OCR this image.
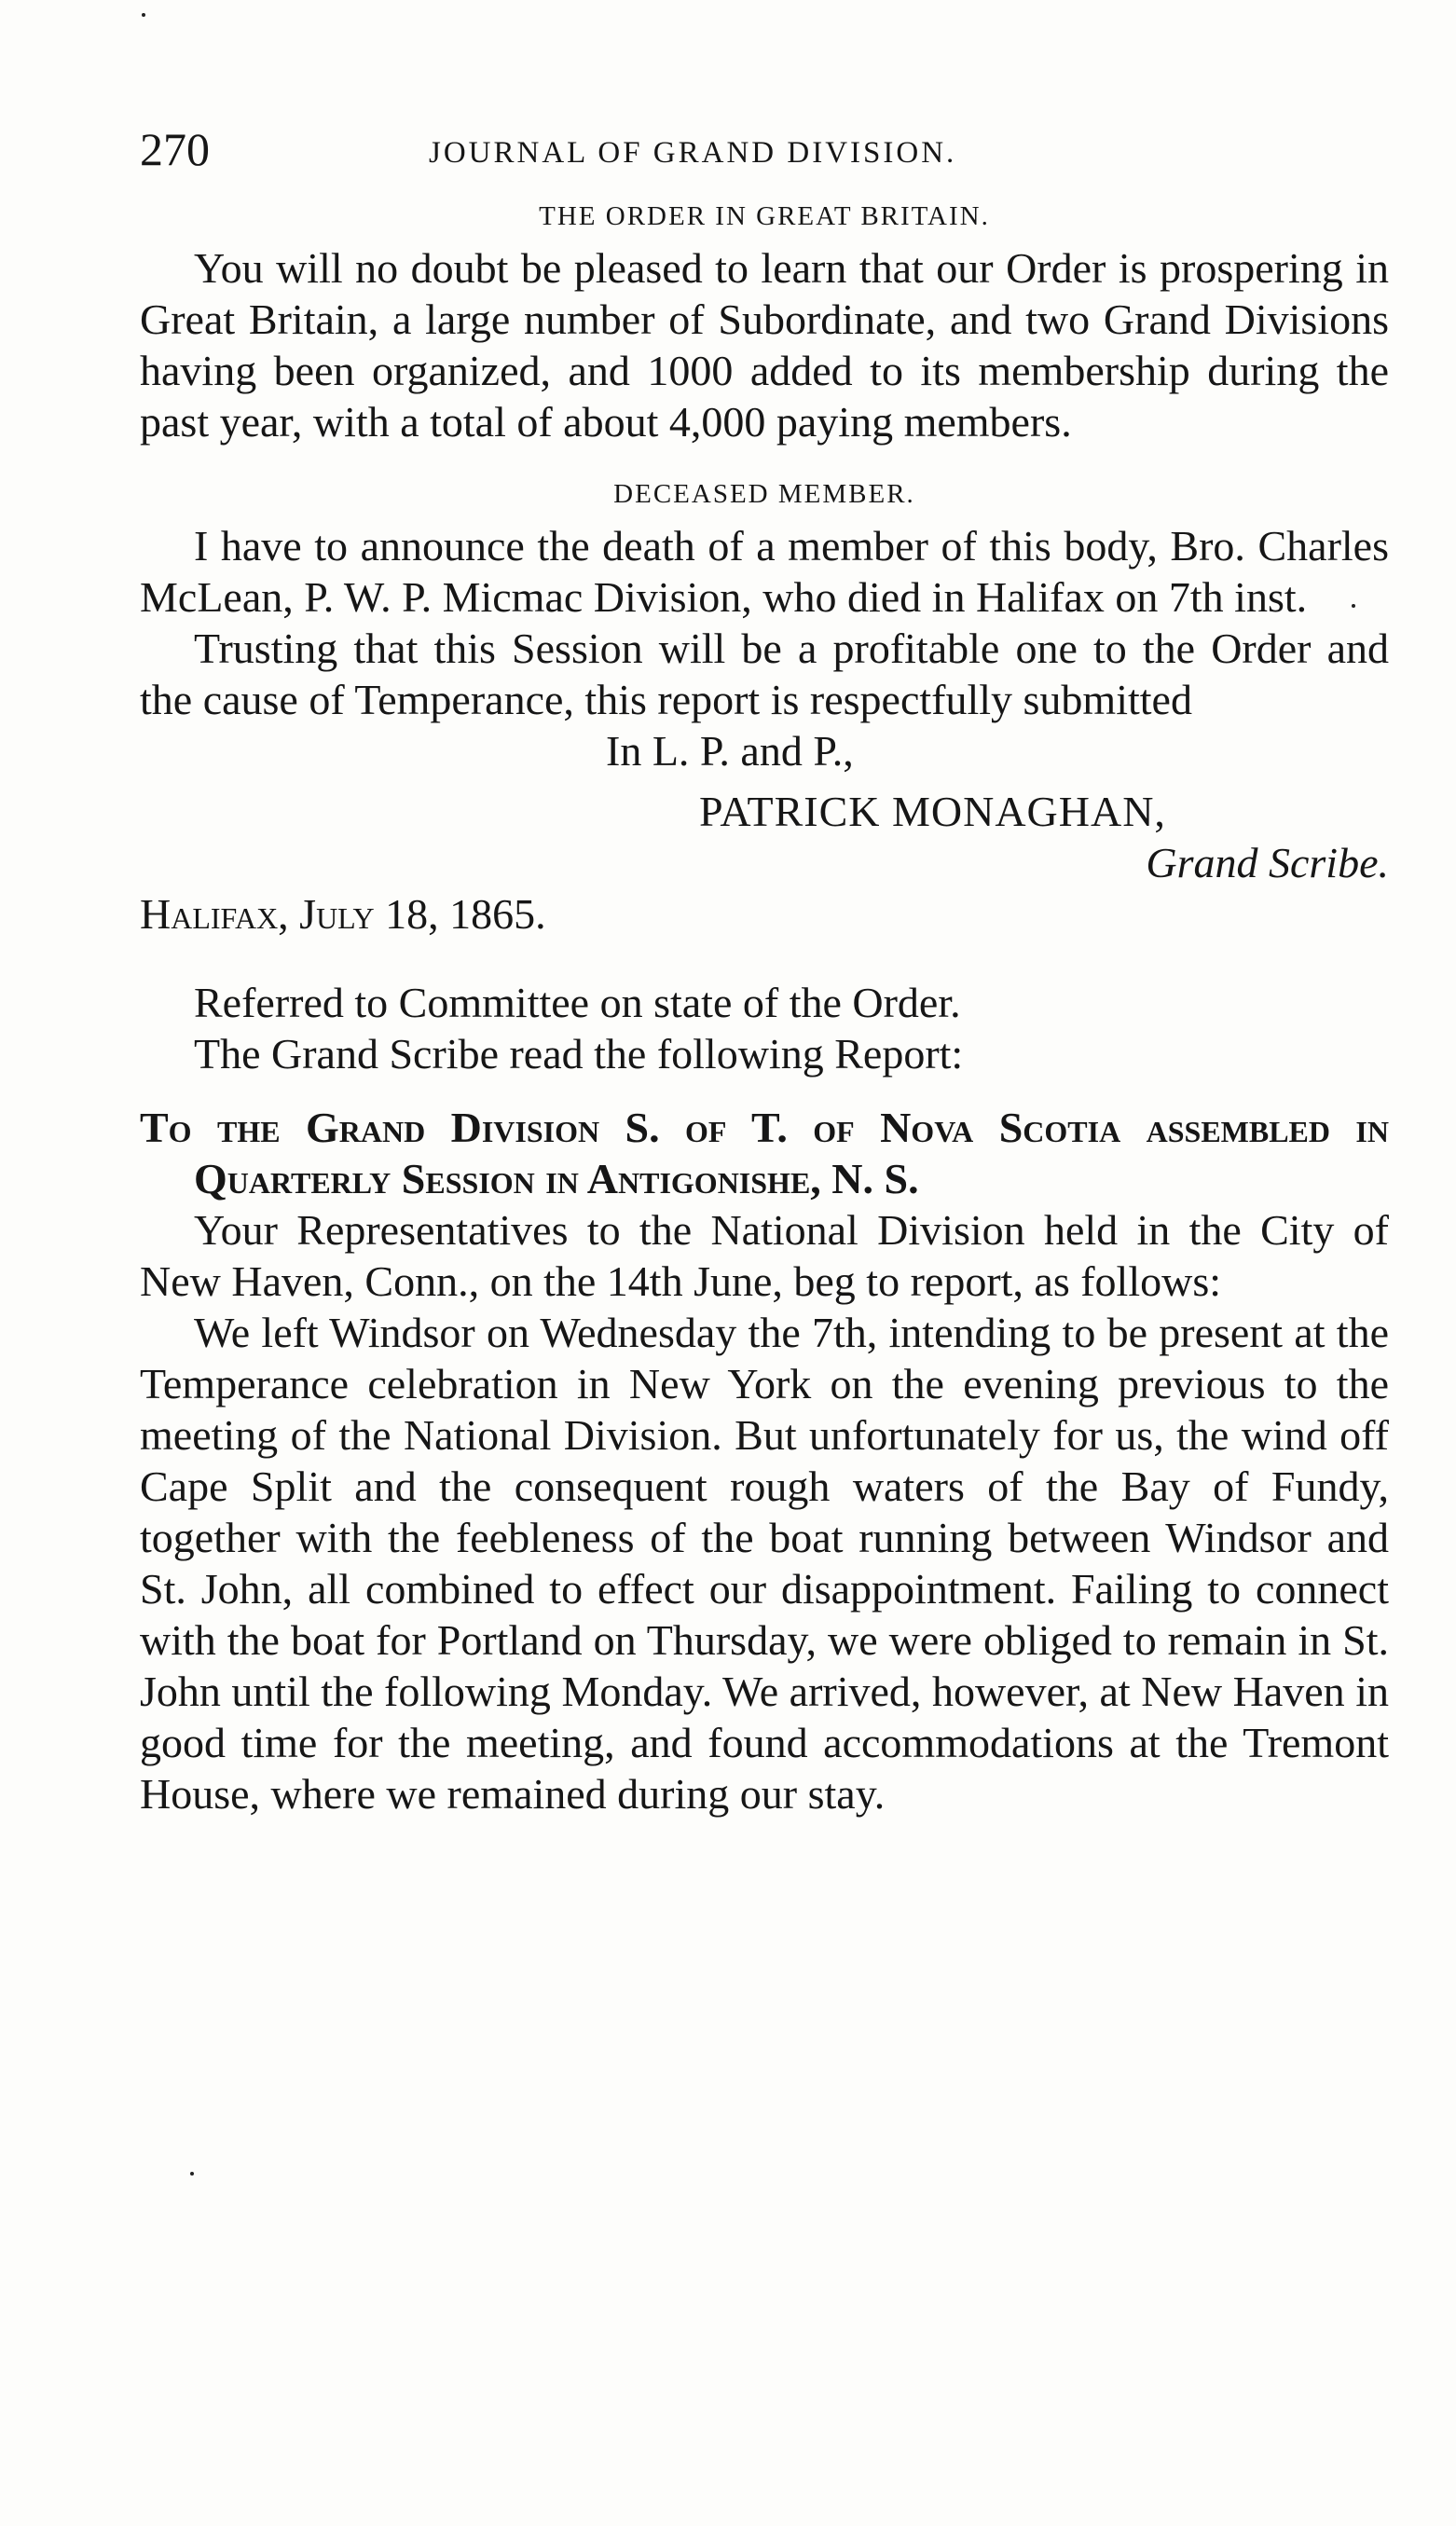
270	JOURNAL OF GRAND DIVISION.
THE ORDER IN GREAT BRITAIN.

You will no doubt be pleased to learn that our Order is prospering in Great Britain, a large number of Subordinate, and two Grand Divisions having been organized, and 1000 added to its membership during the past year, with a total of about 4,000 paying members.

DECEASED MEMBER.

I have to announce the death of a member of this body, Bro. Charles McLean, P. W. P. Micmac Division, who died in Halifax on 7th inst.

Trusting that this Session will be a profitable one to the Order and the cause of Temperance, this report is respectfully submitted

In L. P. and P.,

PATRICK MONAGHAN,

Grand Scribe.

Halifax, July 18, 1865.

Referred to Committee on state of the Order.

The Grand Scribe read the following Report:

To the Grand Division S. of T. of Nova Scotia assembled in Quarterly Session in Antigonishe, N. S.

Your Representatives to the National Division held in the City of New Haven, Conn., on the 14th June, beg to report, as follows:

We left Windsor on Wednesday the 7th, intending to be present at the Temperance celebration in New York on the evening previous to the meeting of the National Division. But unfortunately for us, the wind off Cape Split and the consequent rough waters of the Bay of Fundy, together with the feebleness of the boat running between Windsor and St. John, all combined to effect our disappointment. Failing to connect with the boat for Portland on Thursday, we were obliged to remain in St. John until the following Monday. We arrived, however, at New Haven in good time for the meeting, and found accommodations at the Tremont House, where we remained during our stay.
